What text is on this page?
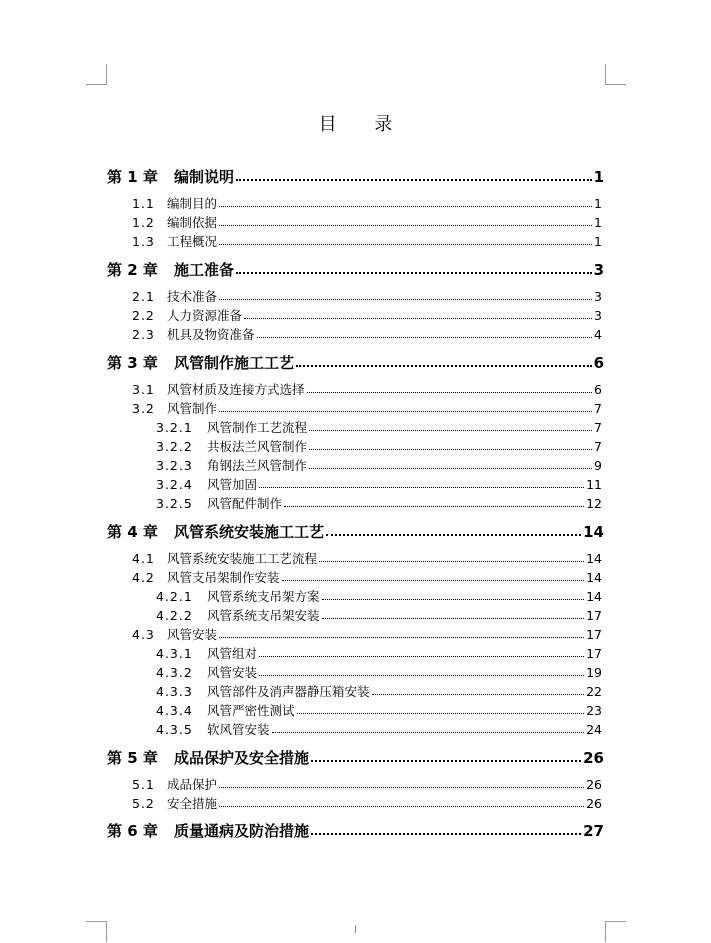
目 录
第 1 章	编制说明	1
1.1 编制目的	1
1.2 编制依据	1
1.3 工程概况	1
第 2 章	施工准备	3
2.1 技术准备	3
2.2 人力资源准备	3
2.3 机具及物资准备	4
第 3 章	风管制作施工工艺	6
3.1 风管材质及连接方式选择	6
3.2 风管制作	7
3.2.1	风管制作工艺流程	7
3.2.2	共板法兰风管制作	7
3.2.3	角钢法兰风管制作	9
3.2.4	风管加固	11
3.2.5	风管配件制作	12
第 4 章	风管系统安装施工工艺	14
4.1 风管系统安装施工工艺流程	14
4.2 风管支吊架制作安装	14
4.2.1	风管系统支吊架方案	14
4.2.2	风管系统支吊架安装	17
4.3 风管安装	17
4.3.1	风管组对	17
4.3.2	风管安装	19
4.3.3	风管部件及消声器静压箱安装	22
4.3.4	风管严密性测试	23
4.3.5	软风管安装	24
第 5 章	成品保护及安全措施	26
5.1 成品保护	26
5.2 安全措施	26
第 6 章	质量通病及防治措施	27
